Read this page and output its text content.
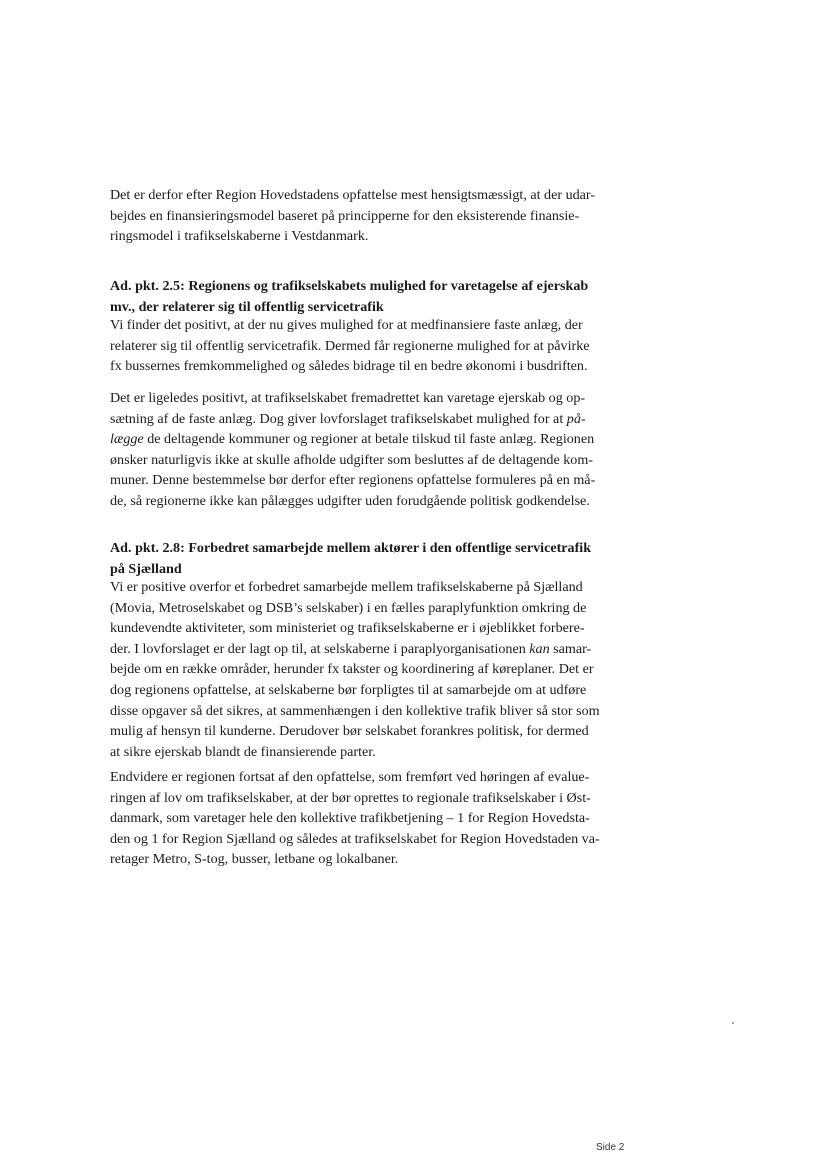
Det er derfor efter Region Hovedstadens opfattelse mest hensigtsmæssigt, at der udar-

bejdes en finansieringsmodel baseret på principperne for den eksisterende finansie-

ringsmodel i trafikselskaberne i Vestdanmark.

Ad. pkt. 2.5: Regionens og trafikselskabets mulighed for varetagelse af ejerskab

mv., der relaterer sig til offentlig servicetrafik

Vi finder det positivt, at der nu gives mulighed for at medfinansiere faste anlæg, der

relaterer sig til offentlig servicetrafik. Dermed får regionerne mulighed for at påvirke

fx bussernes fremkommelighed og således bidrage til en bedre økonomi i busdriften.

Det er ligeledes positivt, at trafikselskabet fremadrettet kan varetage ejerskab og op-

sætning af de faste anlæg. Dog giver lovforslaget trafikselskabet mulighed for at på-

lægge de deltagende kommuner og regioner at betale tilskud til faste anlæg. Regionen

ønsker naturligvis ikke at skulle afholde udgifter som besluttes af de deltagende kom-

muner. Denne bestemmelse bør derfor efter regionens opfattelse formuleres på en må-

de, så regionerne ikke kan pålægges udgifter uden forudgående politisk godkendelse.

Ad. pkt. 2.8: Forbedret samarbejde mellem aktører i den offentlige servicetrafik

på Sjælland

Vi er positive overfor et forbedret samarbejde mellem trafikselskaberne på Sjælland

(Movia, Metroselskabet og DSB’s selskaber) i en fælles paraplyfunktion omkring de

kundevendte aktiviteter, som ministeriet og trafikselskaberne er i øjeblikket forbere-

der. I lovforslaget er der lagt op til, at selskaberne i paraplyorganisationen kan samar-

bejde om en række områder, herunder fx takster og koordinering af køreplaner. Det er

dog regionens opfattelse, at selskaberne bør forpligtes til at samarbejde om at udføre

disse opgaver så det sikres, at sammenhængen i den kollektive trafik bliver så stor som

mulig af hensyn til kunderne. Derudover bør selskabet forankres politisk, for dermed

at sikre ejerskab blandt de finansierende parter.

Endvidere er regionen fortsat af den opfattelse, som fremført ved høringen af evalue-

ringen af lov om trafikselskaber, at der bør oprettes to regionale trafikselskaber i Øst-

danmark, som varetager hele den kollektive trafikbetjening – 1 for Region Hovedsta-

den og 1 for Region Sjælland og således at trafikselskabet for Region Hovedstaden va-

retager Metro, S-tog, busser, letbane og lokalbaner.

Side 2
